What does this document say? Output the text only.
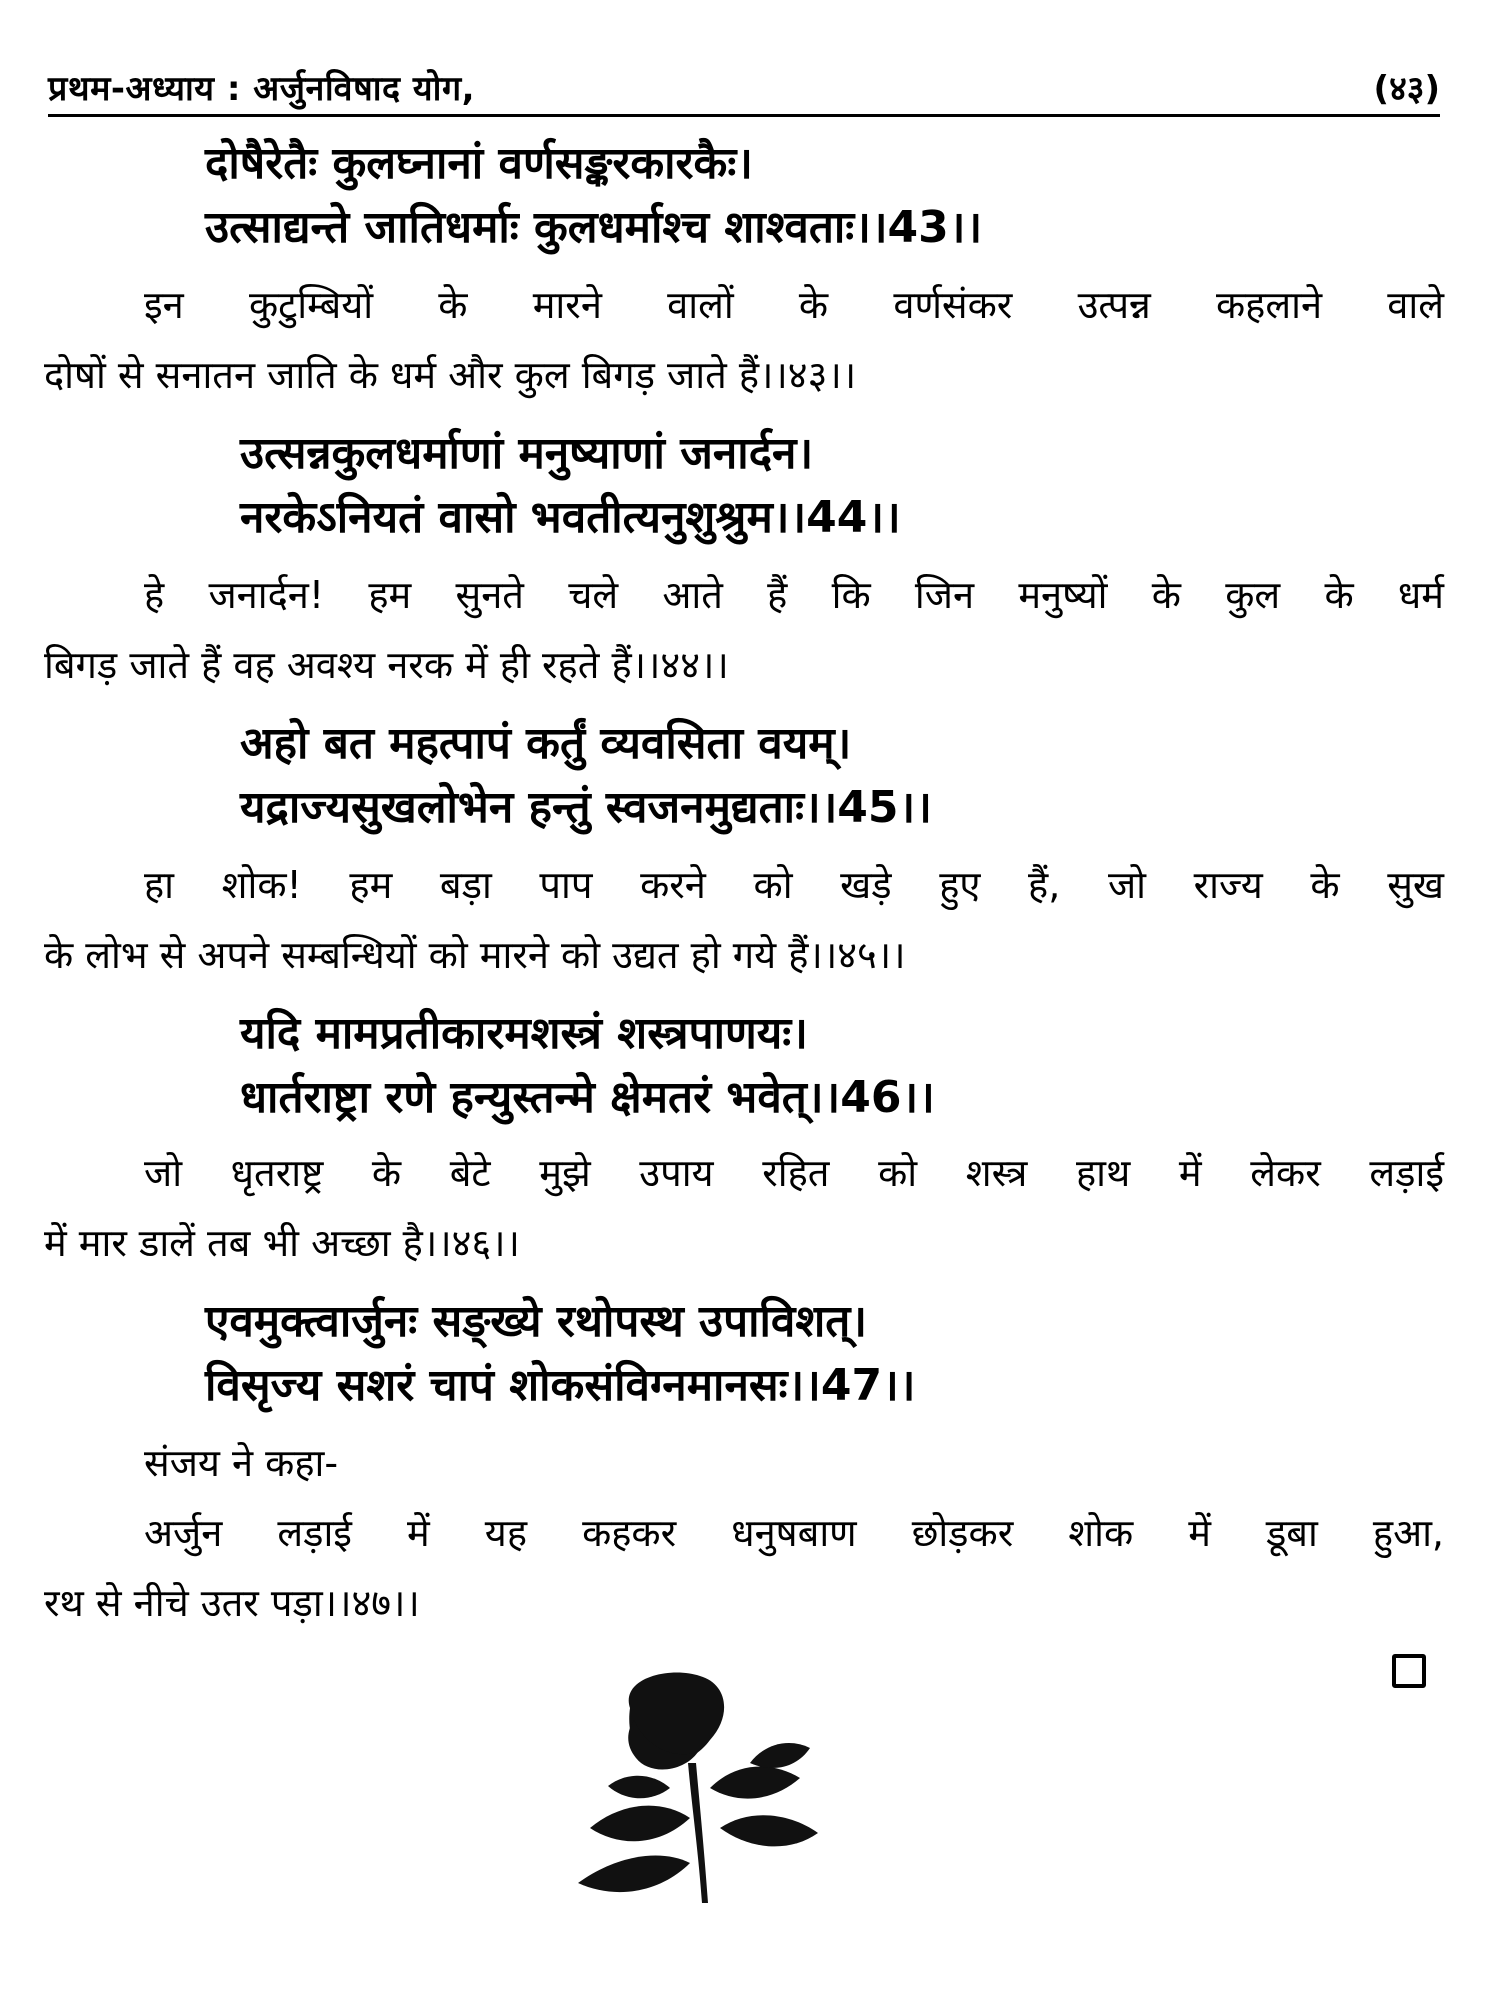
प्रथम-अध्याय : अर्जुनविषाद योग,	(४३)
दोषैरेतैः कुलघ्नानां वर्णसङ्करकारकैः।
उत्साद्यन्ते जातिधर्माः कुलधर्माश्च शाश्वताः।।43।।
इन कुटुम्बियों के मारने वालों के वर्णसंकर उत्पन्न कहलाने वाले
दोषों से सनातन जाति के धर्म और कुल बिगड़ जाते हैं।।४३।।
उत्सन्नकुलधर्माणां मनुष्याणां जनार्दन।
नरकेऽनियतं वासो भवतीत्यनुशुश्रुम।।44।।
हे जनार्दन! हम सुनते चले आते हैं कि जिन मनुष्यों के कुल के धर्म
बिगड़ जाते हैं वह अवश्य नरक में ही रहते हैं।।४४।।
अहो बत महत्पापं कर्तुं व्यवसिता वयम्।
यद्राज्यसुखलोभेन हन्तुं स्वजनमुद्यताः।।45।।
हा शोक! हम बड़ा पाप करने को खड़े हुए हैं, जो राज्य के सुख
के लोभ से अपने सम्बन्धियों को मारने को उद्यत हो गये हैं।।४५।।
यदि मामप्रतीकारमशस्त्रं शस्त्रपाणयः।
धार्तराष्ट्रा रणे हन्युस्तन्मे क्षेमतरं भवेत्।।46।।
जो धृतराष्ट्र के बेटे मुझे उपाय रहित को शस्त्र हाथ में लेकर लड़ाई
में मार डालें तब भी अच्छा है।।४६।।
एवमुक्त्वार्जुनः सङ्ख्ये रथोपस्थ उपाविशत्।
विसृज्य सशरं चापं शोकसंविग्नमानसः।।47।।
संजय ने कहा-
अर्जुन लड़ाई में यह कहकर धनुषबाण छोड़कर शोक में डूबा हुआ,
रथ से नीचे उतर पड़ा।।४७।।
